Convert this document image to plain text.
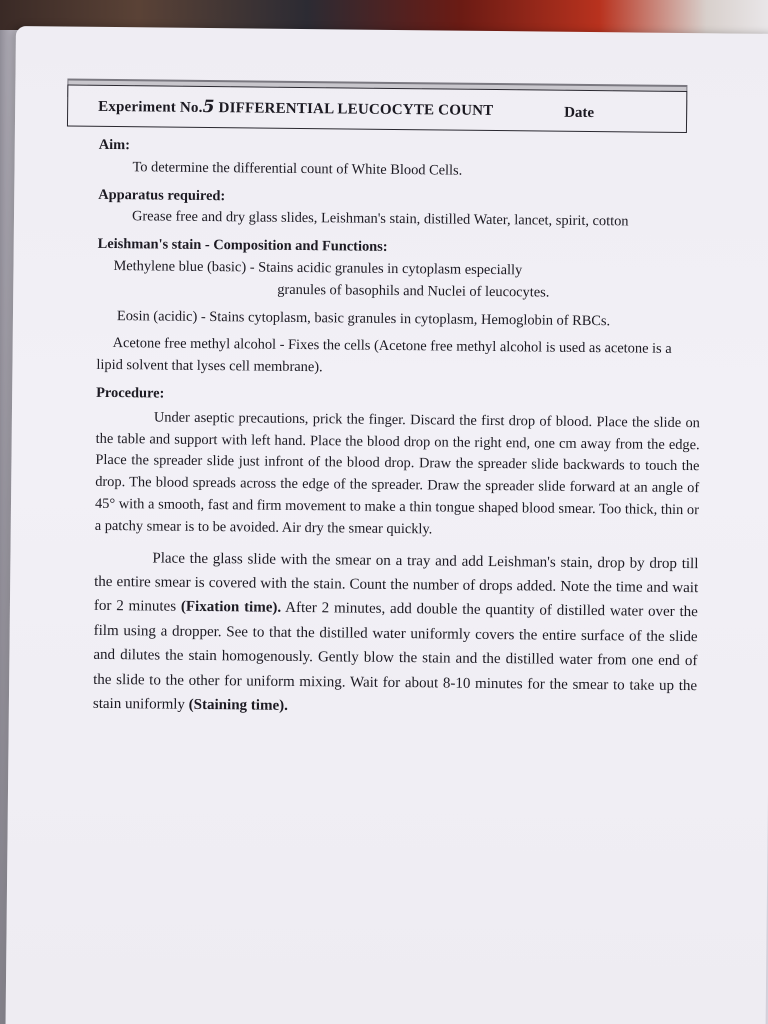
Experiment No.5 DIFFERENTIAL LEUCOCYTE COUNT	Date

Aim:

To determine the differential count of White Blood Cells.

Apparatus required:

Grease free and dry glass slides, Leishman's stain, distilled Water, lancet, spirit, cotton

Leishman's stain - Composition and Functions:

Methylene blue (basic) - Stains acidic granules in cytoplasm especially

granules of basophils and Nuclei of leucocytes.

Eosin (acidic) - Stains cytoplasm, basic granules in cytoplasm, Hemoglobin of RBCs.

Acetone free methyl alcohol - Fixes the cells (Acetone free methyl alcohol is used as acetone is a lipid solvent that lyses cell membrane).

Procedure:

Under aseptic precautions, prick the finger. Discard the first drop of blood. Place the slide on the table and support with left hand. Place the blood drop on the right end, one cm away from the edge. Place the spreader slide just infront of the blood drop. Draw the spreader slide backwards to touch the drop. The blood spreads across the edge of the spreader. Draw the spreader slide forward at an angle of 45° with a smooth, fast and firm movement to make a thin tongue shaped blood smear. Too thick, thin or a patchy smear is to be avoided. Air dry the smear quickly.

Place the glass slide with the smear on a tray and add Leishman's stain, drop by drop till the entire smear is covered with the stain. Count the number of drops added. Note the time and wait for 2 minutes (Fixation time). After 2 minutes, add double the quantity of distilled water over the film using a dropper. See to that the distilled water uniformly covers the entire surface of the slide and dilutes the stain homogenously. Gently blow the stain and the distilled water from one end of the slide to the other for uniform mixing. Wait for about 8-10 minutes for the smear to take up the stain uniformly (Staining time).
